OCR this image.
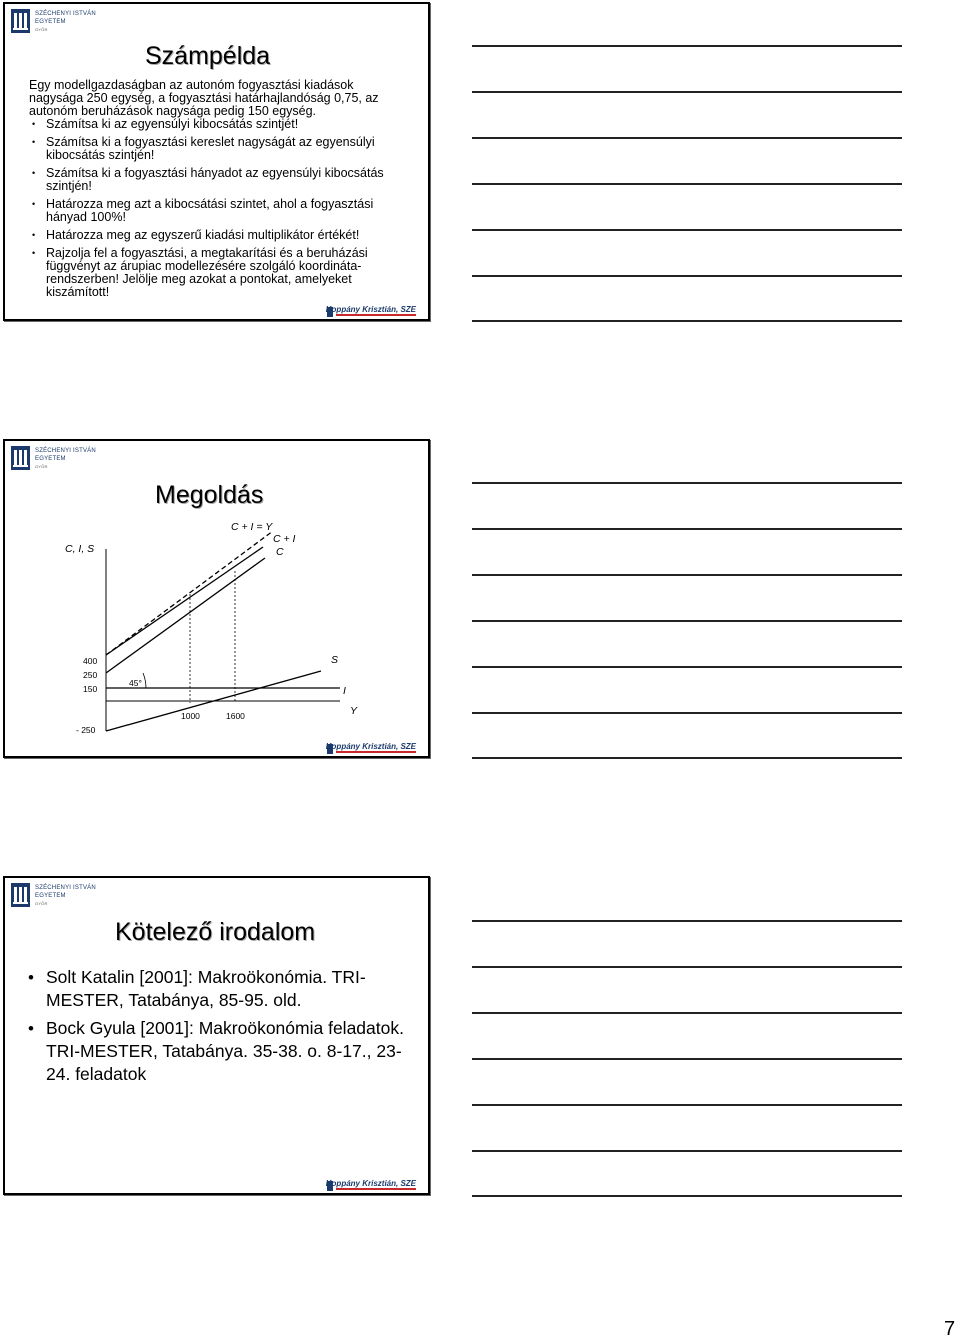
SZÉCHENYI ISTVÁN
EGYETEM
GYŐR
Számpélda

Egy modellgazdaságban az autonóm fogyasztási kiadások nagysága 250 egység, a fogyasztási határhajlandóság 0,75, az autonóm beruházások nagysága pedig 150 egység.

• Számítsa ki az egyensúlyi kibocsátás szintjét!
• Számítsa ki a fogyasztási kereslet nagyságát az egyensúlyi kibocsátás szintjén!
• Számítsa ki a fogyasztási hányadot az egyensúlyi kibocsátás szintjén!
• Határozza meg azt a kibocsátási szintet, ahol a fogyasztási hányad 100%!
• Határozza meg az egyszerű kiadási multiplikátor értékét!
• Rajzolja fel a fogyasztási, a megtakarítási és a beruházási függvényt az árupiac modellezésére szolgáló koordináta-rendszerben! Jelölje meg azokat a pontokat, amelyeket kiszámított!
Koppány Krisztián, SZE
SZÉCHENYI ISTVÁN
EGYETEM
GYŐR
Megoldás
C, I, S
C + I = Y
C + I
C
S
I
Y
400
250
150
- 250
1000	1600
45°
Koppány Krisztián, SZE
SZÉCHENYI ISTVÁN
EGYETEM
GYŐR
Kötelező irodalom
• Solt Katalin [2001]: Makroökonómia. TRI-MESTER, Tatabánya, 85-95. old.
• Bock Gyula [2001]: Makroökonómia feladatok. TRI-MESTER, Tatabánya. 35-38. o. 8-17., 23-24. feladatok
Koppány Krisztián, SZE
7
